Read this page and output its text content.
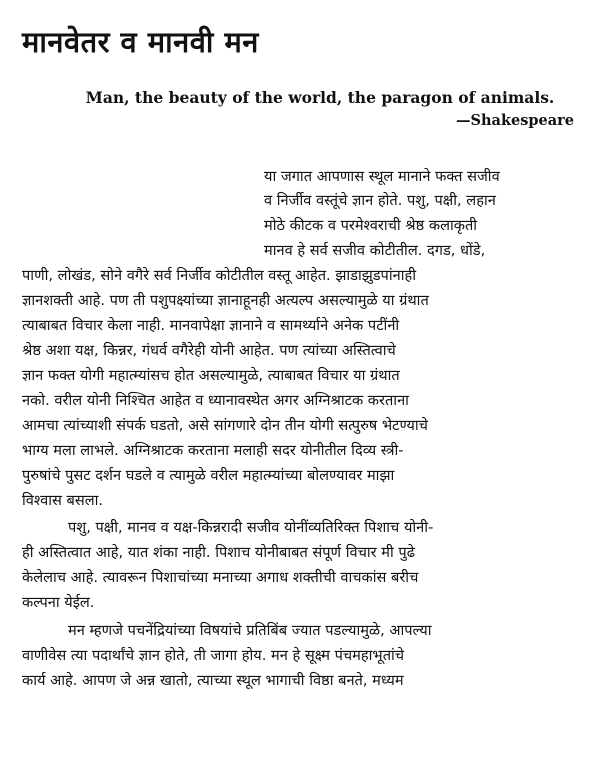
मानवेतर व मानवी मन
Man, the beauty of the world, the paragon of animals.
—Shakespeare
या जगात आपणास स्थूल मानाने फक्त सजीव
व निर्जीव वस्तूंचे ज्ञान होते. पशु, पक्षी, लहान
मोठे कीटक व परमेश्वराची श्रेष्ठ कलाकृती
मानव हे सर्व सजीव कोटीतील. दगड, धोंडे,
पाणी, लोखंड, सोने वगैरे सर्व निर्जीव कोटीतील वस्तू आहेत. झाडाझुडपांनाही
ज्ञानशक्ती आहे. पण ती पशुपक्ष्यांच्या ज्ञानाहूनही अत्यल्प असल्यामुळे या ग्रंथात
त्याबाबत विचार केला नाही. मानवापेक्षा ज्ञानाने व सामर्थ्याने अनेक पटींनी
श्रेष्ठ अशा यक्ष, किन्नर, गंधर्व वगैरेही योनी आहेत. पण त्यांच्या अस्तित्वाचे
ज्ञान फक्त योगी महात्म्यांसच होत असल्यामुळे, त्याबाबत विचार या ग्रंथात
नको. वरील योनी निश्चित आहेत व ध्यानावस्थेत अगर अग्निश्राटक करताना
आमचा त्यांच्याशी संपर्क घडतो, असे सांगणारे दोन तीन योगी सत्पुरुष भेटण्याचे
भाग्य मला लाभले. अग्निश्राटक करताना मलाही सदर योनीतील दिव्य स्त्री-
पुरुषांचे पुसट दर्शन घडले व त्यामुळे वरील महात्म्यांच्या बोलण्यावर माझा
विश्वास बसला.
पशु, पक्षी, मानव व यक्ष-किन्नरादी सजीव योनींव्यतिरिक्त पिशाच योनी-
ही अस्तित्वात आहे, यात शंका नाही. पिशाच योनीबाबत संपूर्ण विचार मी पुढे
केलेलाच आहे. त्यावरून पिशाचांच्या मनाच्या अगाध शक्तीची वाचकांस बरीच
कल्पना येईल.
मन म्हणजे पचनेंद्रियांच्या विषयांचे प्रतिबिंब ज्यात पडल्यामुळे, आपल्या
वाणीवेस त्या पदार्थांचे ज्ञान होते, ती जागा होय. मन हे सूक्ष्म पंचमहाभूतांचे
कार्य आहे. आपण जे अन्न खातो, त्याच्या स्थूल भागाची विष्ठा बनते, मध्यम
